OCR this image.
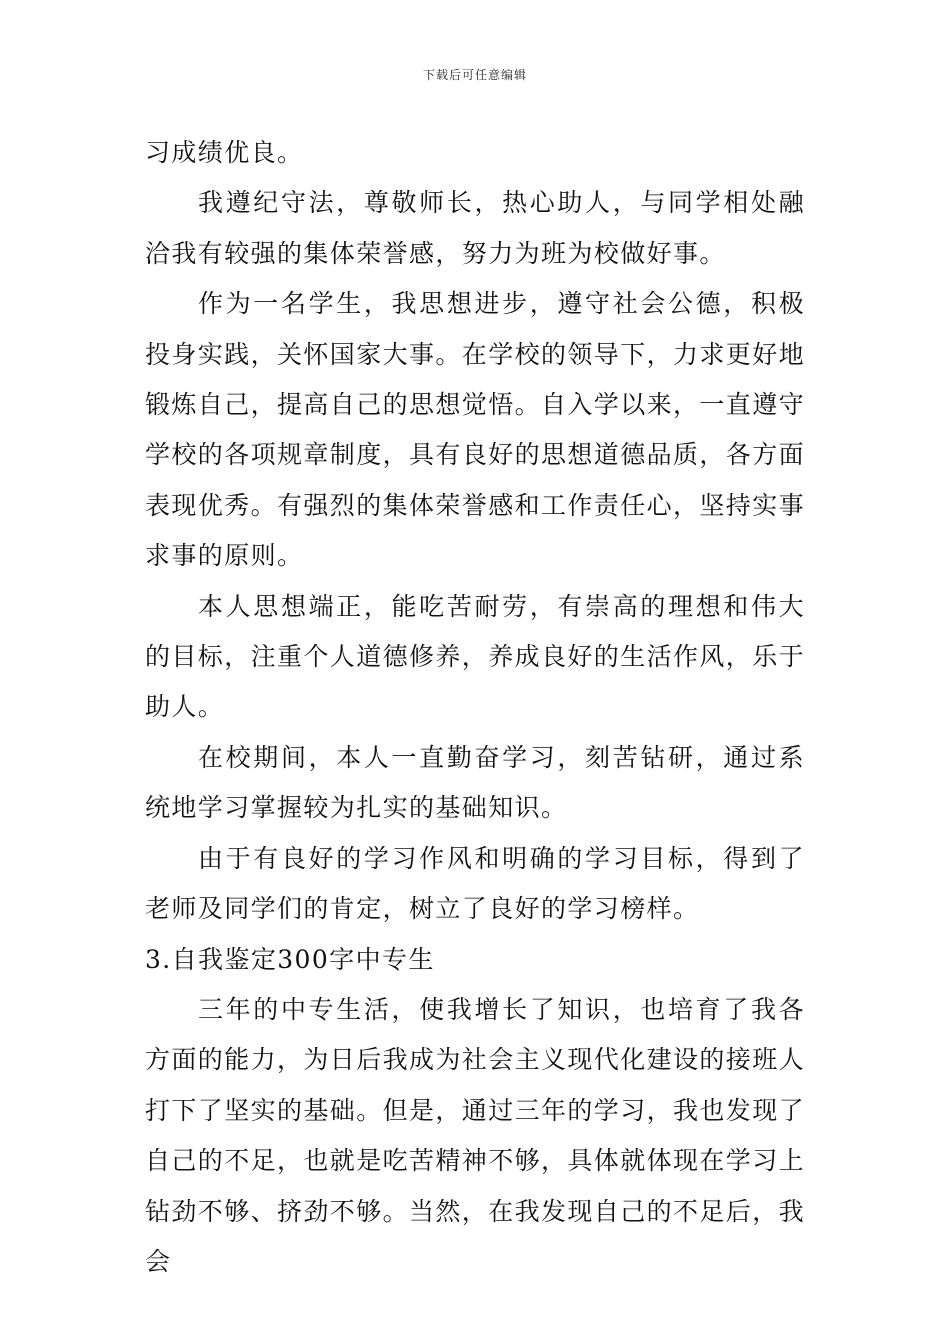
下载后可任意编辑

习成绩优良。

我遵纪守法，尊敬师长，热心助人，与同学相处融洽我有较强的集体荣誉感，努力为班为校做好事。

作为一名学生，我思想进步，遵守社会公德，积极投身实践，关怀国家大事。在学校的领导下，力求更好地锻炼自己，提高自己的思想觉悟。自入学以来，一直遵守学校的各项规章制度，具有良好的思想道德品质，各方面表现优秀。有强烈的集体荣誉感和工作责任心，坚持实事求事的原则。

本人思想端正，能吃苦耐劳，有崇高的理想和伟大的目标，注重个人道德修养，养成良好的生活作风，乐于助人。

在校期间，本人一直勤奋学习，刻苦钻研，通过系统地学习掌握较为扎实的基础知识。

由于有良好的学习作风和明确的学习目标，得到了老师及同学们的肯定，树立了良好的学习榜样。

3.自我鉴定300字中专生

三年的中专生活，使我增长了知识，也培育了我各方面的能力，为日后我成为社会主义现代化建设的接班人打下了坚实的基础。但是，通过三年的学习，我也发现了自己的不足，也就是吃苦精神不够，具体就体现在学习上钻劲不够、挤劲不够。当然，在我发现自己的不足后，我会
